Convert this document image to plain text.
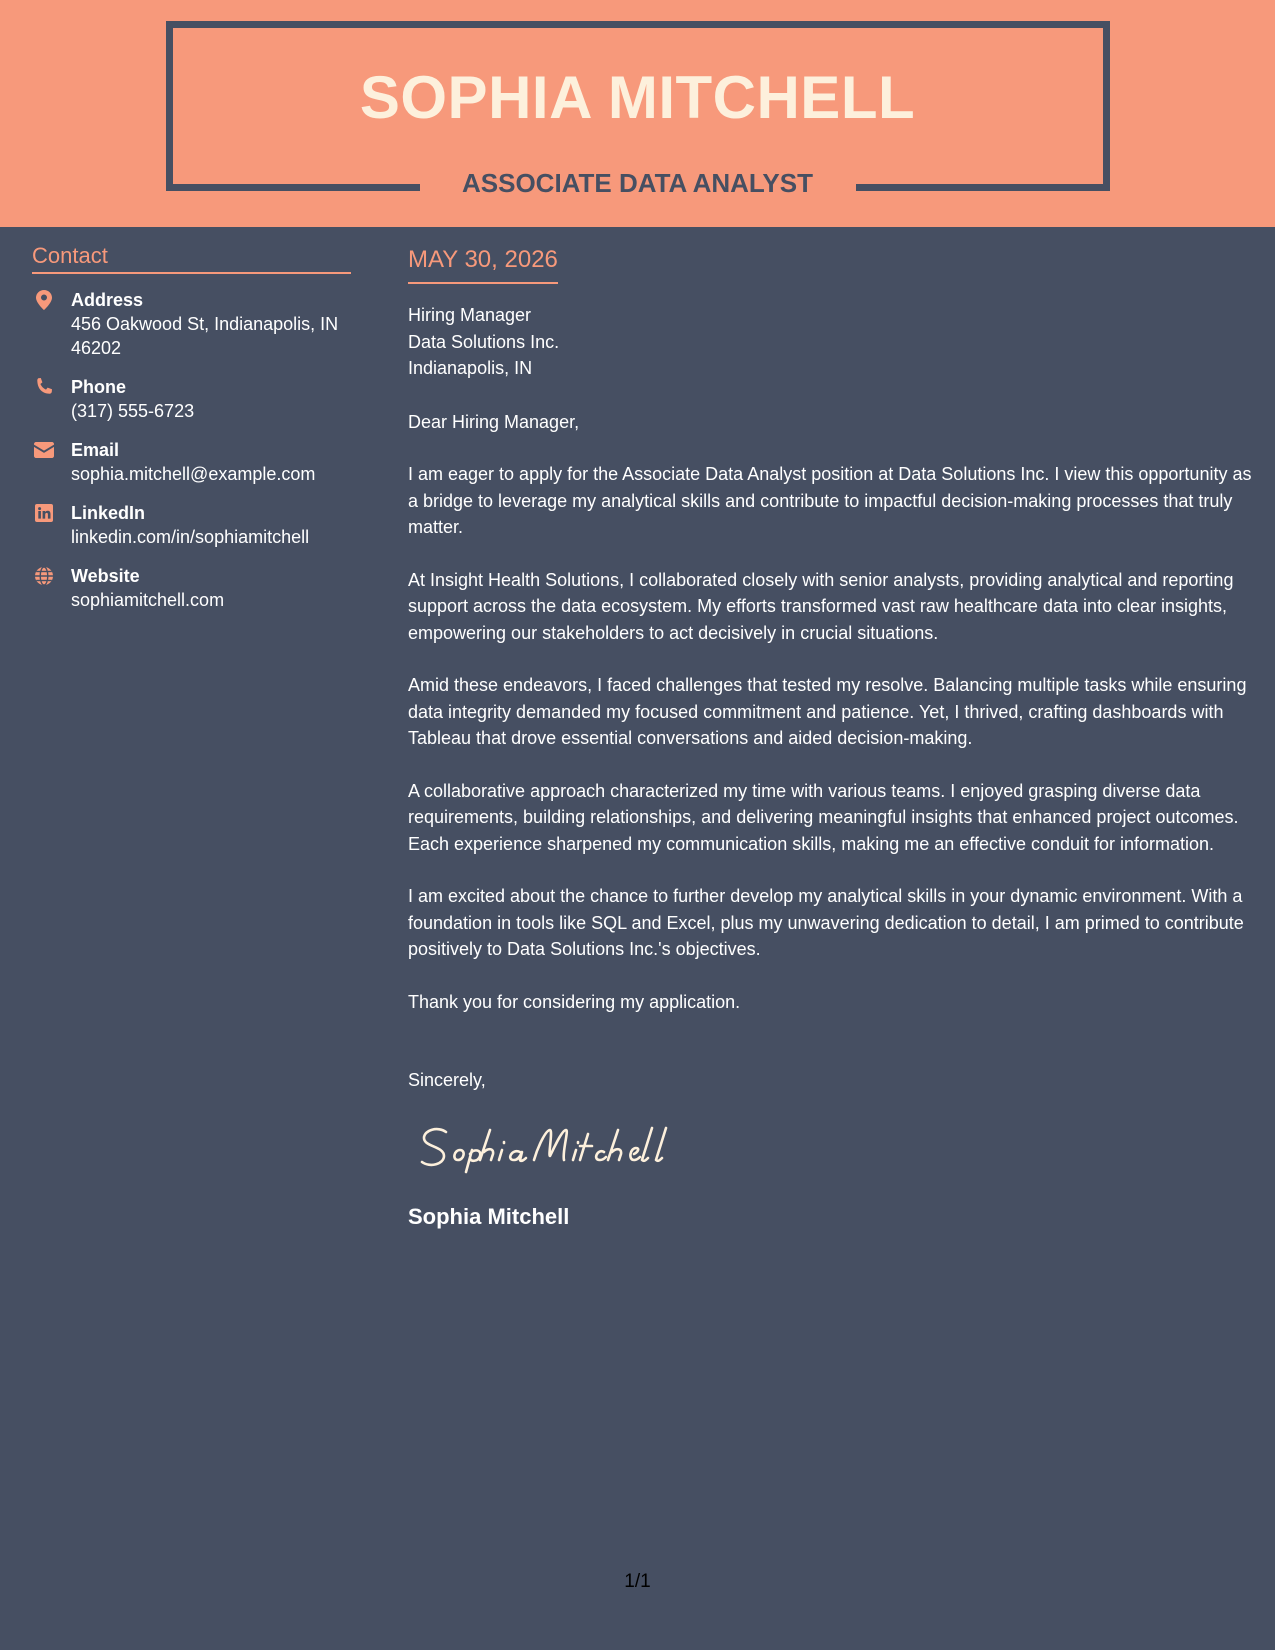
SOPHIA MITCHELL
ASSOCIATE DATA ANALYST
Contact
Address
456 Oakwood St, Indianapolis, IN 46202
Phone
(317) 555-6723
Email
sophia.mitchell@example.com
LinkedIn
linkedin.com/in/sophiamitchell
Website
sophiamitchell.com
MAY 30, 2026
Hiring Manager
Data Solutions Inc.
Indianapolis, IN
Dear Hiring Manager,
I am eager to apply for the Associate Data Analyst position at Data Solutions Inc. I view this opportunity as a bridge to leverage my analytical skills and contribute to impactful decision-making processes that truly matter.
At Insight Health Solutions, I collaborated closely with senior analysts, providing analytical and reporting support across the data ecosystem. My efforts transformed vast raw healthcare data into clear insights, empowering our stakeholders to act decisively in crucial situations.
Amid these endeavors, I faced challenges that tested my resolve. Balancing multiple tasks while ensuring data integrity demanded my focused commitment and patience. Yet, I thrived, crafting dashboards with Tableau that drove essential conversations and aided decision-making.
A collaborative approach characterized my time with various teams. I enjoyed grasping diverse data requirements, building relationships, and delivering meaningful insights that enhanced project outcomes. Each experience sharpened my communication skills, making me an effective conduit for information.
I am excited about the chance to further develop my analytical skills in your dynamic environment. With a foundation in tools like SQL and Excel, plus my unwavering dedication to detail, I am primed to contribute positively to Data Solutions Inc.'s objectives.
Thank you for considering my application.
Sincerely,
Sophia Mitchell
1/1
